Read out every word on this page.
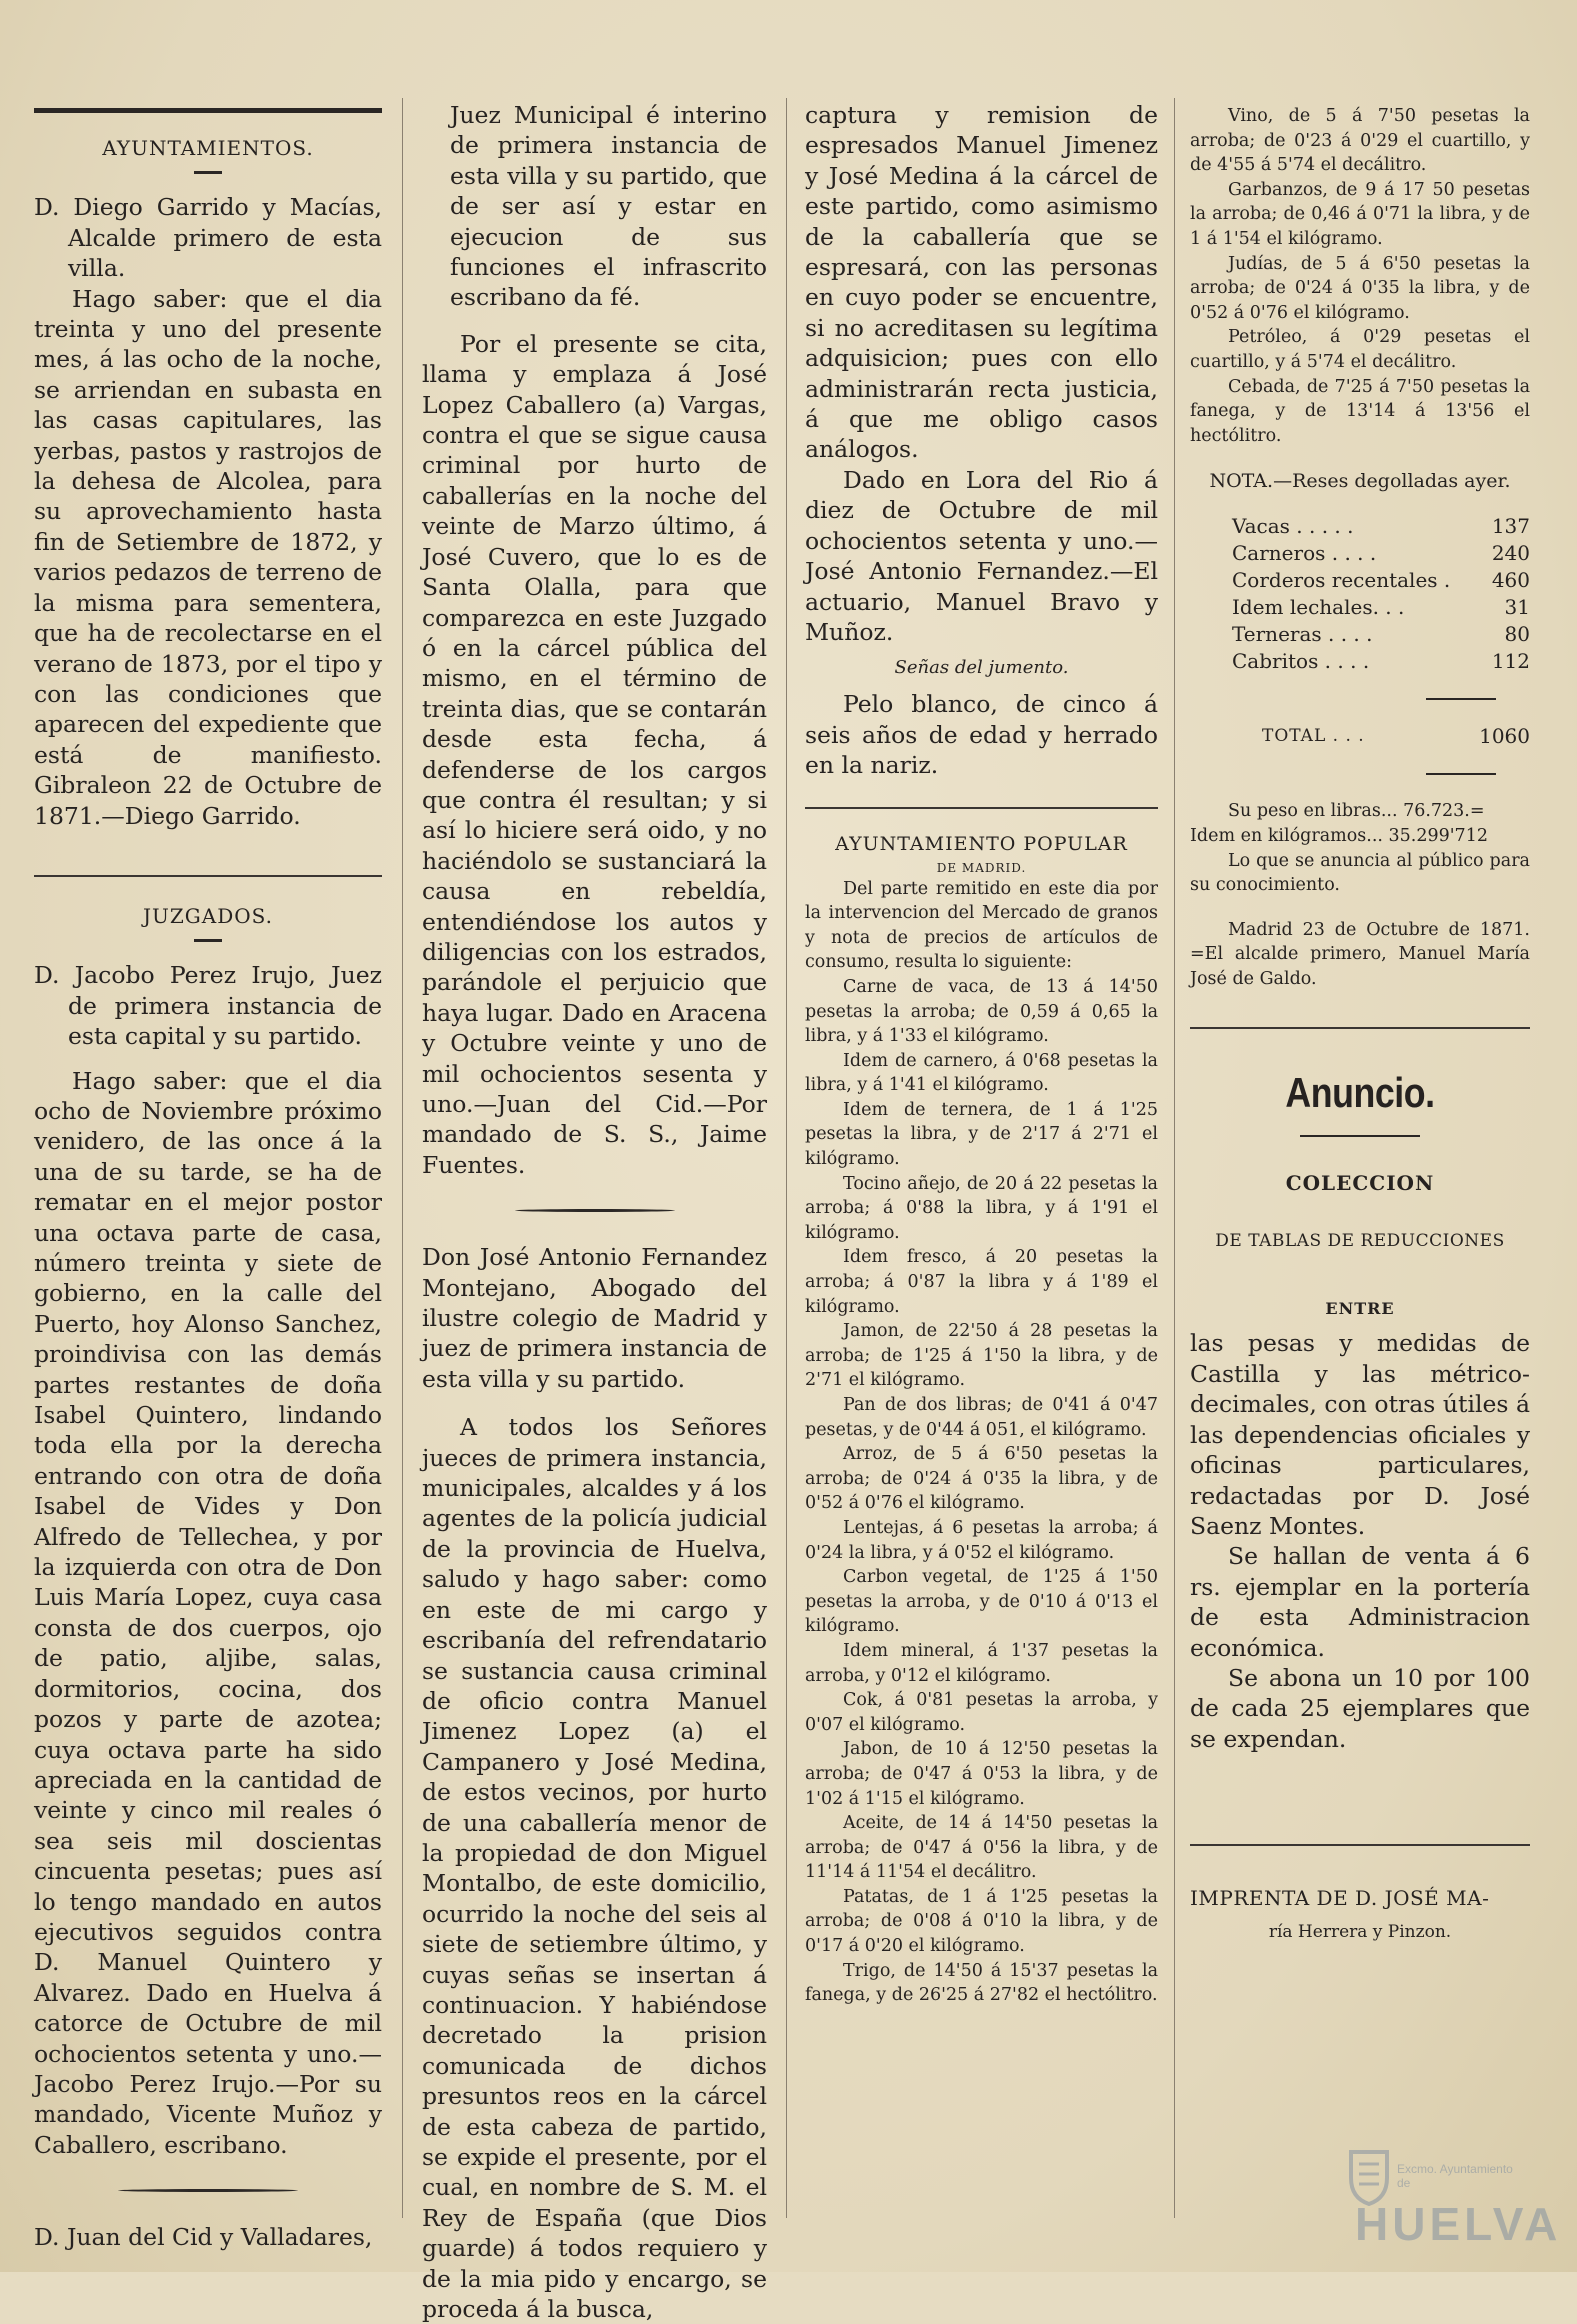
AYUNTAMIENTOS.

D. Diego Garrido y Macías, Alcalde primero de esta villa.

Hago saber: que el dia treinta y uno del presente mes, á las ocho de la noche, se arriendan en subasta en las casas capitulares, las yerbas, pastos y rastrojos de la dehesa de Alcolea, para su aprovechamiento hasta fin de Setiembre de 1872, y varios pedazos de terreno de la misma para sementera, que ha de recolectarse en el verano de 1873, por el tipo y con las condiciones que aparecen del expediente que está de manifiesto. Gibraleon 22 de Octubre de 1871.—Diego Garrido.

JUZGADOS.

D. Jacobo Perez Irujo, Juez de primera instancia de esta capital y su partido.

Hago saber: que el dia ocho de Noviembre próximo venidero, de las once á la una de su tarde, se ha de rematar en el mejor postor una octava parte de casa, número treinta y siete de gobierno, en la calle del Puerto, hoy Alonso Sanchez, proindivisa con las demás partes restantes de doña Isabel Quintero, lindando toda ella por la derecha entrando con otra de doña Isabel de Vides y Don Alfredo de Tellechea, y por la izquierda con otra de Don Luis María Lopez, cuya casa consta de dos cuerpos, ojo de patio, aljibe, salas, dormitorios, cocina, dos pozos y parte de azotea; cuya octava parte ha sido apreciada en la cantidad de veinte y cinco mil reales ó sea seis mil doscientas cincuenta pesetas; pues así lo tengo mandado en autos ejecutivos seguidos contra D. Manuel Quintero y Alvarez. Dado en Huelva á catorce de Octubre de mil ochocientos setenta y uno.—Jacobo Perez Irujo.—Por su mandado, Vicente Muñoz y Caballero, escribano.

D. Juan del Cid y Valladares,

Juez Municipal é interino de primera instancia de esta villa y su partido, que de ser así y estar en ejecucion de sus funciones el infrascrito escribano da fé.

Por el presente se cita, llama y emplaza á José Lopez Caballero (a) Vargas, contra el que se sigue causa criminal por hurto de caballerías en la noche del veinte de Marzo último, á José Cuvero, que lo es de Santa Olalla, para que comparezca en este Juzgado ó en la cárcel pública del mismo, en el término de treinta dias, que se contarán desde esta fecha, á defenderse de los cargos que contra él resultan; y si así lo hiciere será oido, y no haciéndolo se sustanciará la causa en rebeldía, entendiéndose los autos y diligencias con los estrados, parándole el perjuicio que haya lugar. Dado en Aracena y Octubre veinte y uno de mil ochocientos sesenta y uno.—Juan del Cid.—Por mandado de S. S., Jaime Fuentes.

Don José Antonio Fernandez Montejano, Abogado del ilustre colegio de Madrid y juez de primera instancia de esta villa y su partido.

A todos los Señores jueces de primera instancia, municipales, alcaldes y á los agentes de la policía judicial de la provincia de Huelva, saludo y hago saber: como en este de mi cargo y escribanía del refrendatario se sustancia causa criminal de oficio contra Manuel Jimenez Lopez (a) el Campanero y José Medina, de estos vecinos, por hurto de una caballería menor de la propiedad de don Miguel Montalbo, de este domicilio, ocurrido la noche del seis al siete de setiembre último, y cuyas señas se insertan á continuacion. Y habiéndose decretado la prision comunicada de dichos presuntos reos en la cárcel de esta cabeza de partido, se expide el presente, por el cual, en nombre de S. M. el Rey de España (que Dios guarde) á todos requiero y de la mia pido y encargo, se proceda á la busca,

captura y remision de espresados Manuel Jimenez y José Medina á la cárcel de este partido, como asimismo de la caballería que se espresará, con las personas en cuyo poder se encuentre, si no acreditasen su legítima adquisicion; pues con ello administrarán recta justicia, á que me obligo casos análogos.

Dado en Lora del Rio á diez de Octubre de mil ochocientos setenta y uno.—José Antonio Fernandez.—El actuario, Manuel Bravo y Muñoz.

Señas del jumento.

Pelo blanco, de cinco á seis años de edad y herrado en la nariz.

AYUNTAMIENTO POPULAR
DE MADRID.

Del parte remitido en este dia por la intervencion del Mercado de granos y nota de precios de artículos de consumo, resulta lo siguiente:

Carne de vaca, de 13 á 14'50 pesetas la arroba; de 0,59 á 0,65 la libra, y á 1'33 el kilógramo.

Idem de carnero, á 0'68 pesetas la libra, y á 1'41 el kilógramo.

Idem de ternera, de 1 á 1'25 pesetas la libra, y de 2'17 á 2'71 el kilógramo.

Tocino añejo, de 20 á 22 pesetas la arroba; á 0'88 la libra, y á 1'91 el kilógramo.

Idem fresco, á 20 pesetas la arroba; á 0'87 la libra y á 1'89 el kilógramo.

Jamon, de 22'50 á 28 pesetas la arroba; de 1'25 á 1'50 la libra, y de 2'71 el kilógramo.

Pan de dos libras; de 0'41 á 0'47 pesetas, y de 0'44 á 051, el kilógramo.

Arroz, de 5 á 6'50 pesetas la arroba; de 0'24 á 0'35 la libra, y de 0'52 á 0'76 el kilógramo.

Lentejas, á 6 pesetas la arroba; á 0'24 la libra, y á 0'52 el kilógramo.

Carbon vegetal, de 1'25 á 1'50 pesetas la arroba, y de 0'10 á 0'13 el kilógramo.

Idem mineral, á 1'37 pesetas la arroba, y 0'12 el kilógramo.

Cok, á 0'81 pesetas la arroba, y 0'07 el kilógramo.

Jabon, de 10 á 12'50 pesetas la arroba; de 0'47 á 0'53 la libra, y de 1'02 á 1'15 el kilógramo.

Aceite, de 14 á 14'50 pesetas la arroba; de 0'47 á 0'56 la libra, y de 11'14 á 11'54 el decálitro.

Patatas, de 1 á 1'25 pesetas la arroba; de 0'08 á 0'10 la libra, y de 0'17 á 0'20 el kilógramo.

Trigo, de 14'50 á 15'37 pesetas la fanega, y de 26'25 á 27'82 el hectólitro.

Vino, de 5 á 7'50 pesetas la arroba; de 0'23 á 0'29 el cuartillo, y de 4'55 á 5'74 el decálitro.

Garbanzos, de 9 á 17 50 pesetas la arroba; de 0,46 á 0'71 la libra, y de 1 á 1'54 el kilógramo.

Judías, de 5 á 6'50 pesetas la arroba; de 0'24 á 0'35 la libra, y de 0'52 á 0'76 el kilógramo.

Petróleo, á 0'29 pesetas el cuartillo, y á 5'74 el decálitro.

Cebada, de 7'25 á 7'50 pesetas la fanega, y de 13'14 á 13'56 el hectólitro.

NOTA.—Reses degolladas ayer.

Vacas . . . . .	137
Carneros . . . .	240
Corderos recentales .	460
Idem lechales. . .	31
Terneras . . . .	80
Cabritos . . . .	112
TOTAL . . .	1060

Su peso en libras... 76.723.=

Idem en kilógramos... 35.299'712

Lo que se anuncia al público para su conocimiento.

Madrid 23 de Octubre de 1871. =El alcalde primero, Manuel María José de Galdo.

Anuncio.
COLECCION
DE TABLAS DE REDUCCIONES
ENTRE

las pesas y medidas de Castilla y las métrico-decimales, con otras útiles á las dependencias oficiales y oficinas particulares, redactadas por D. José Saenz Montes.

Se hallan de venta á 6 rs. ejemplar en la portería de esta Administracion económica.

Se abona un 10 por 100 de cada 25 ejemplares que se expendan.

IMPRENTA DE D. JOSÉ MA-

ría Herrera y Pinzon.

Excmo. Ayuntamiento de
HUELVA
